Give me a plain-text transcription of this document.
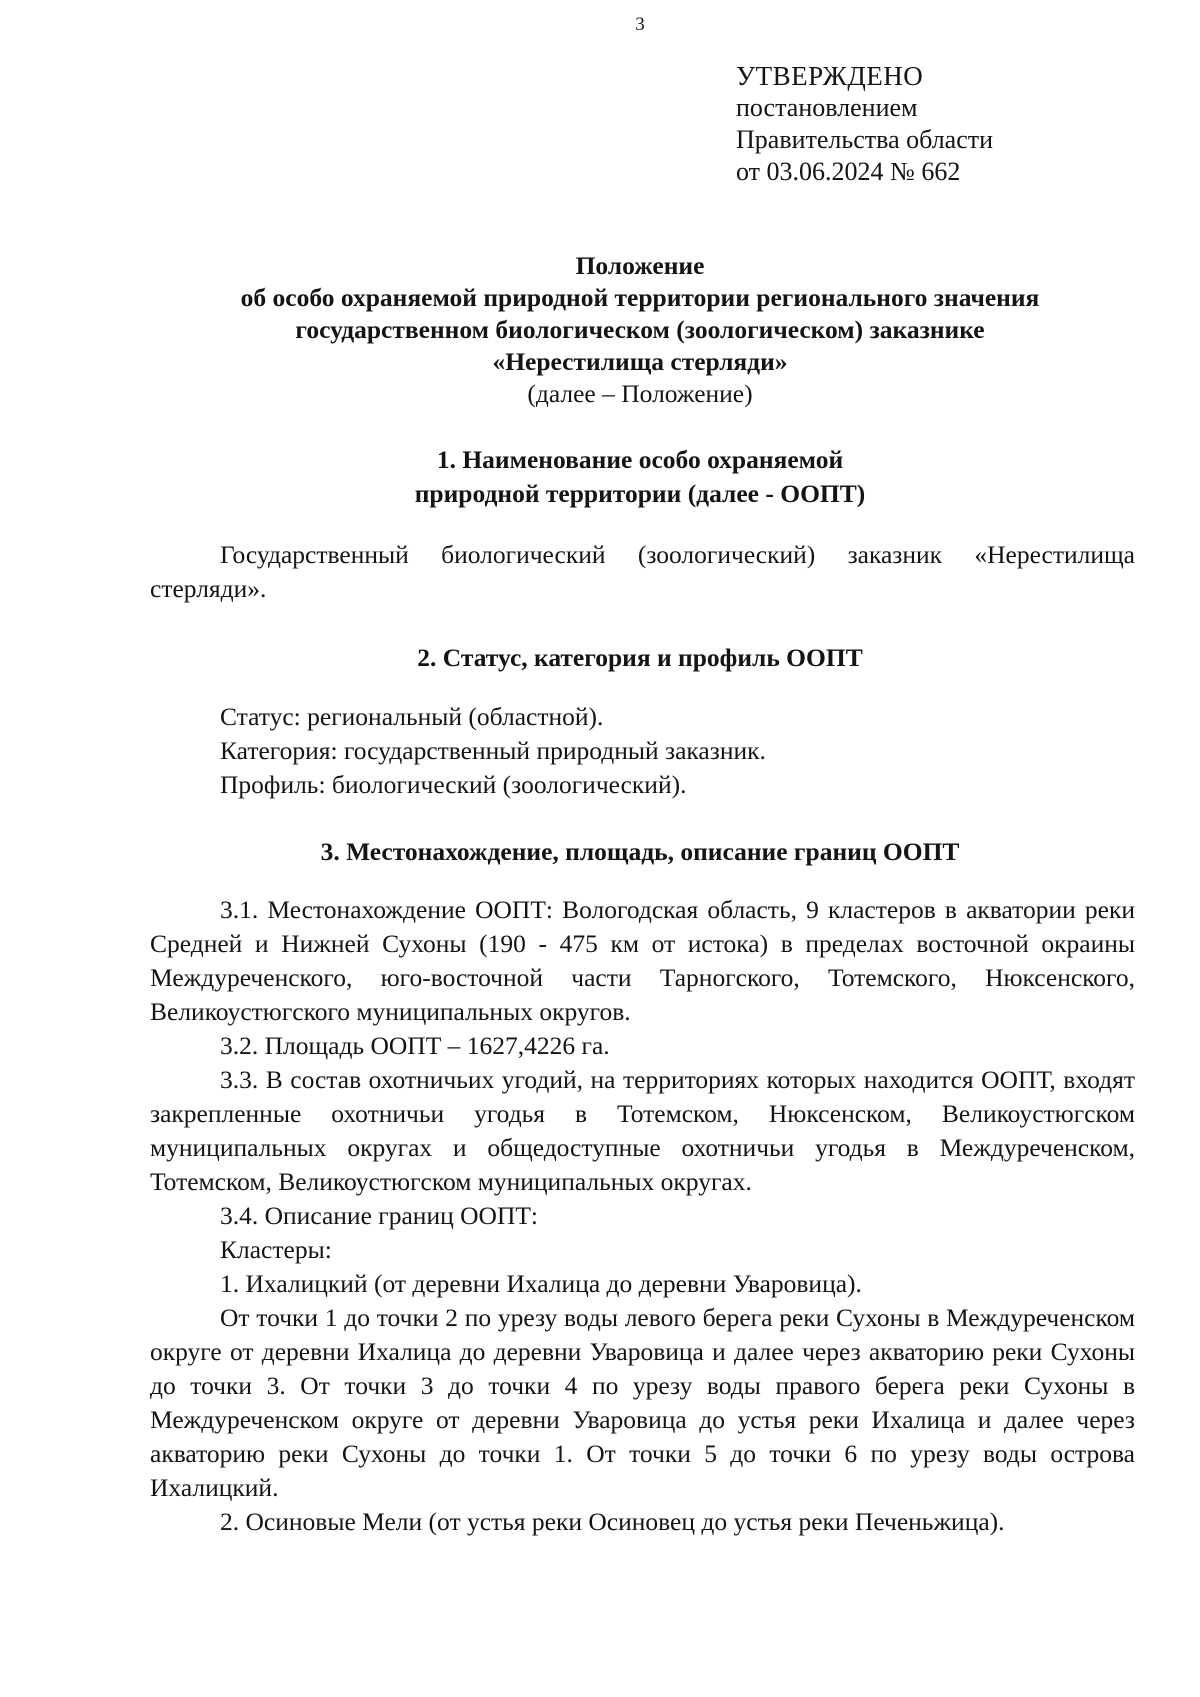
3
УТВЕРЖДЕНО
постановлением
Правительства области
от 03.06.2024 № 662
Положение
об особо охраняемой природной территории регионального значения
государственном биологическом (зоологическом) заказнике
«Нерестилища стерляди»
(далее – Положение)
1. Наименование особо охраняемой
природной территории (далее - ООПТ)
Государственный биологический (зоологический) заказник «Нерестилища стерляди».
2. Статус, категория и профиль ООПТ
Статус: региональный (областной).
Категория: государственный природный заказник.
Профиль: биологический (зоологический).
3. Местонахождение, площадь, описание границ ООПТ

3.1. Местонахождение ООПТ: Вологодская область, 9 кластеров в акватории реки Средней и Нижней Сухоны (190 - 475 км от истока) в пределах восточной окраины Междуреченского, юго-восточной части Тарногского, Тотемского, Нюксенского, Великоустюгского муниципальных округов.

3.2. Площадь ООПТ – 1627,4226 га.

3.3. В состав охотничьих угодий, на территориях которых находится ООПТ, входят закрепленные охотничьи угодья в Тотемском, Нюксенском, Великоустюгском муниципальных округах и общедоступные охотничьи угодья в Междуреченском, Тотемском, Великоустюгском муниципальных округах.

3.4. Описание границ ООПТ:

Кластеры:

1. Ихалицкий (от деревни Ихалица до деревни Уваровица).

От точки 1 до точки 2 по урезу воды левого берега реки Сухоны в Междуреченском округе от деревни Ихалица до деревни Уваровица и далее через акваторию реки Сухоны до точки 3. От точки 3 до точки 4 по урезу воды правого берега реки Сухоны в Междуреченском округе от деревни Уваровица до устья реки Ихалица и далее через акваторию реки Сухоны до точки 1. От точки 5 до точки 6 по урезу воды острова Ихалицкий.

2. Осиновые Мели (от устья реки Осиновец до устья реки Печеньжица).
